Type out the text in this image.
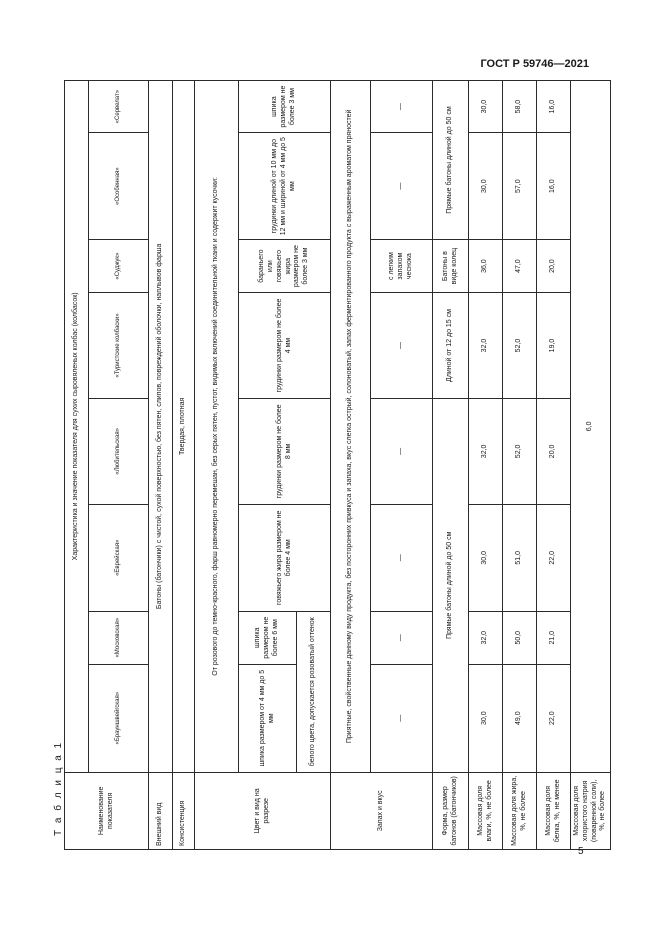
ГОСТ Р 59746—2021
Т а б л и ц а 1	Наименование показателя	Характеристика и значение показателя для сухих сыровяленых колбас (колбасок)							
	«Брауншвейгская»	«Московская»	«Еврейская»	«Любительская»	«Туристские колбаски»	«Суджук»	«Особенная»	«Сервелат»
Внешний вид	Батоны (батончики) с чистой, сухой поверхностью, без пятен, слипов, повреждений оболочки, наплывов фарша							
Консистенция	Твердая, плотная							
Цвет и вид на разрезе	От розового до темно-красного, фарш равномерно перемешан, без серых пятен, пустот, видимых включений соединительной ткани и содержит кусочки:							
	шпика размером от 4 мм до 5 мм	шпика размером не более 6 мм	говяжьего жира размером не более 4 мм	грудинки размером не более 8 мм	грудинки размером не более 4 мм	бараньего или говяжьего жира размером не более 3 мм	грудинки длиной от 10 мм до 12 мм и шириной от 4 мм до 5 мм	шпика размером не более 3 мм
	белого цвета, допускается розоватый оттенок							
Запах и вкус	Приятные, свойственные данному виду продукта, без посторонних привкуса и запаха, вкус слегка острый, солоноватый, запах ферментированного продукта с выраженным ароматом пряностей							
	—	—	—	—	—	с легким запахом чеснока	—	—
Форма, размер батонов (батончиков)	Прямые батоны длиной до 50 см				Длиной от 12 до 15 см	Батоны в виде колец	Прямые батоны длиной до 50 см	
Массовая доля влаги, %, не более	30,0	32,0	30,0	32,0	32,0	36,0	30,0	30,0
Массовая доля жира, %, не более	49,0	50,0	51,0	52,0	52,0	47,0	57,0	58,0
Массовая доля белка, %, не менее	22,0	21,0	22,0	20,0	19,0	20,0	16,0	16,0
Массовая доля хлористого натрия (поваренной соли), %, не более	6,0							
5
